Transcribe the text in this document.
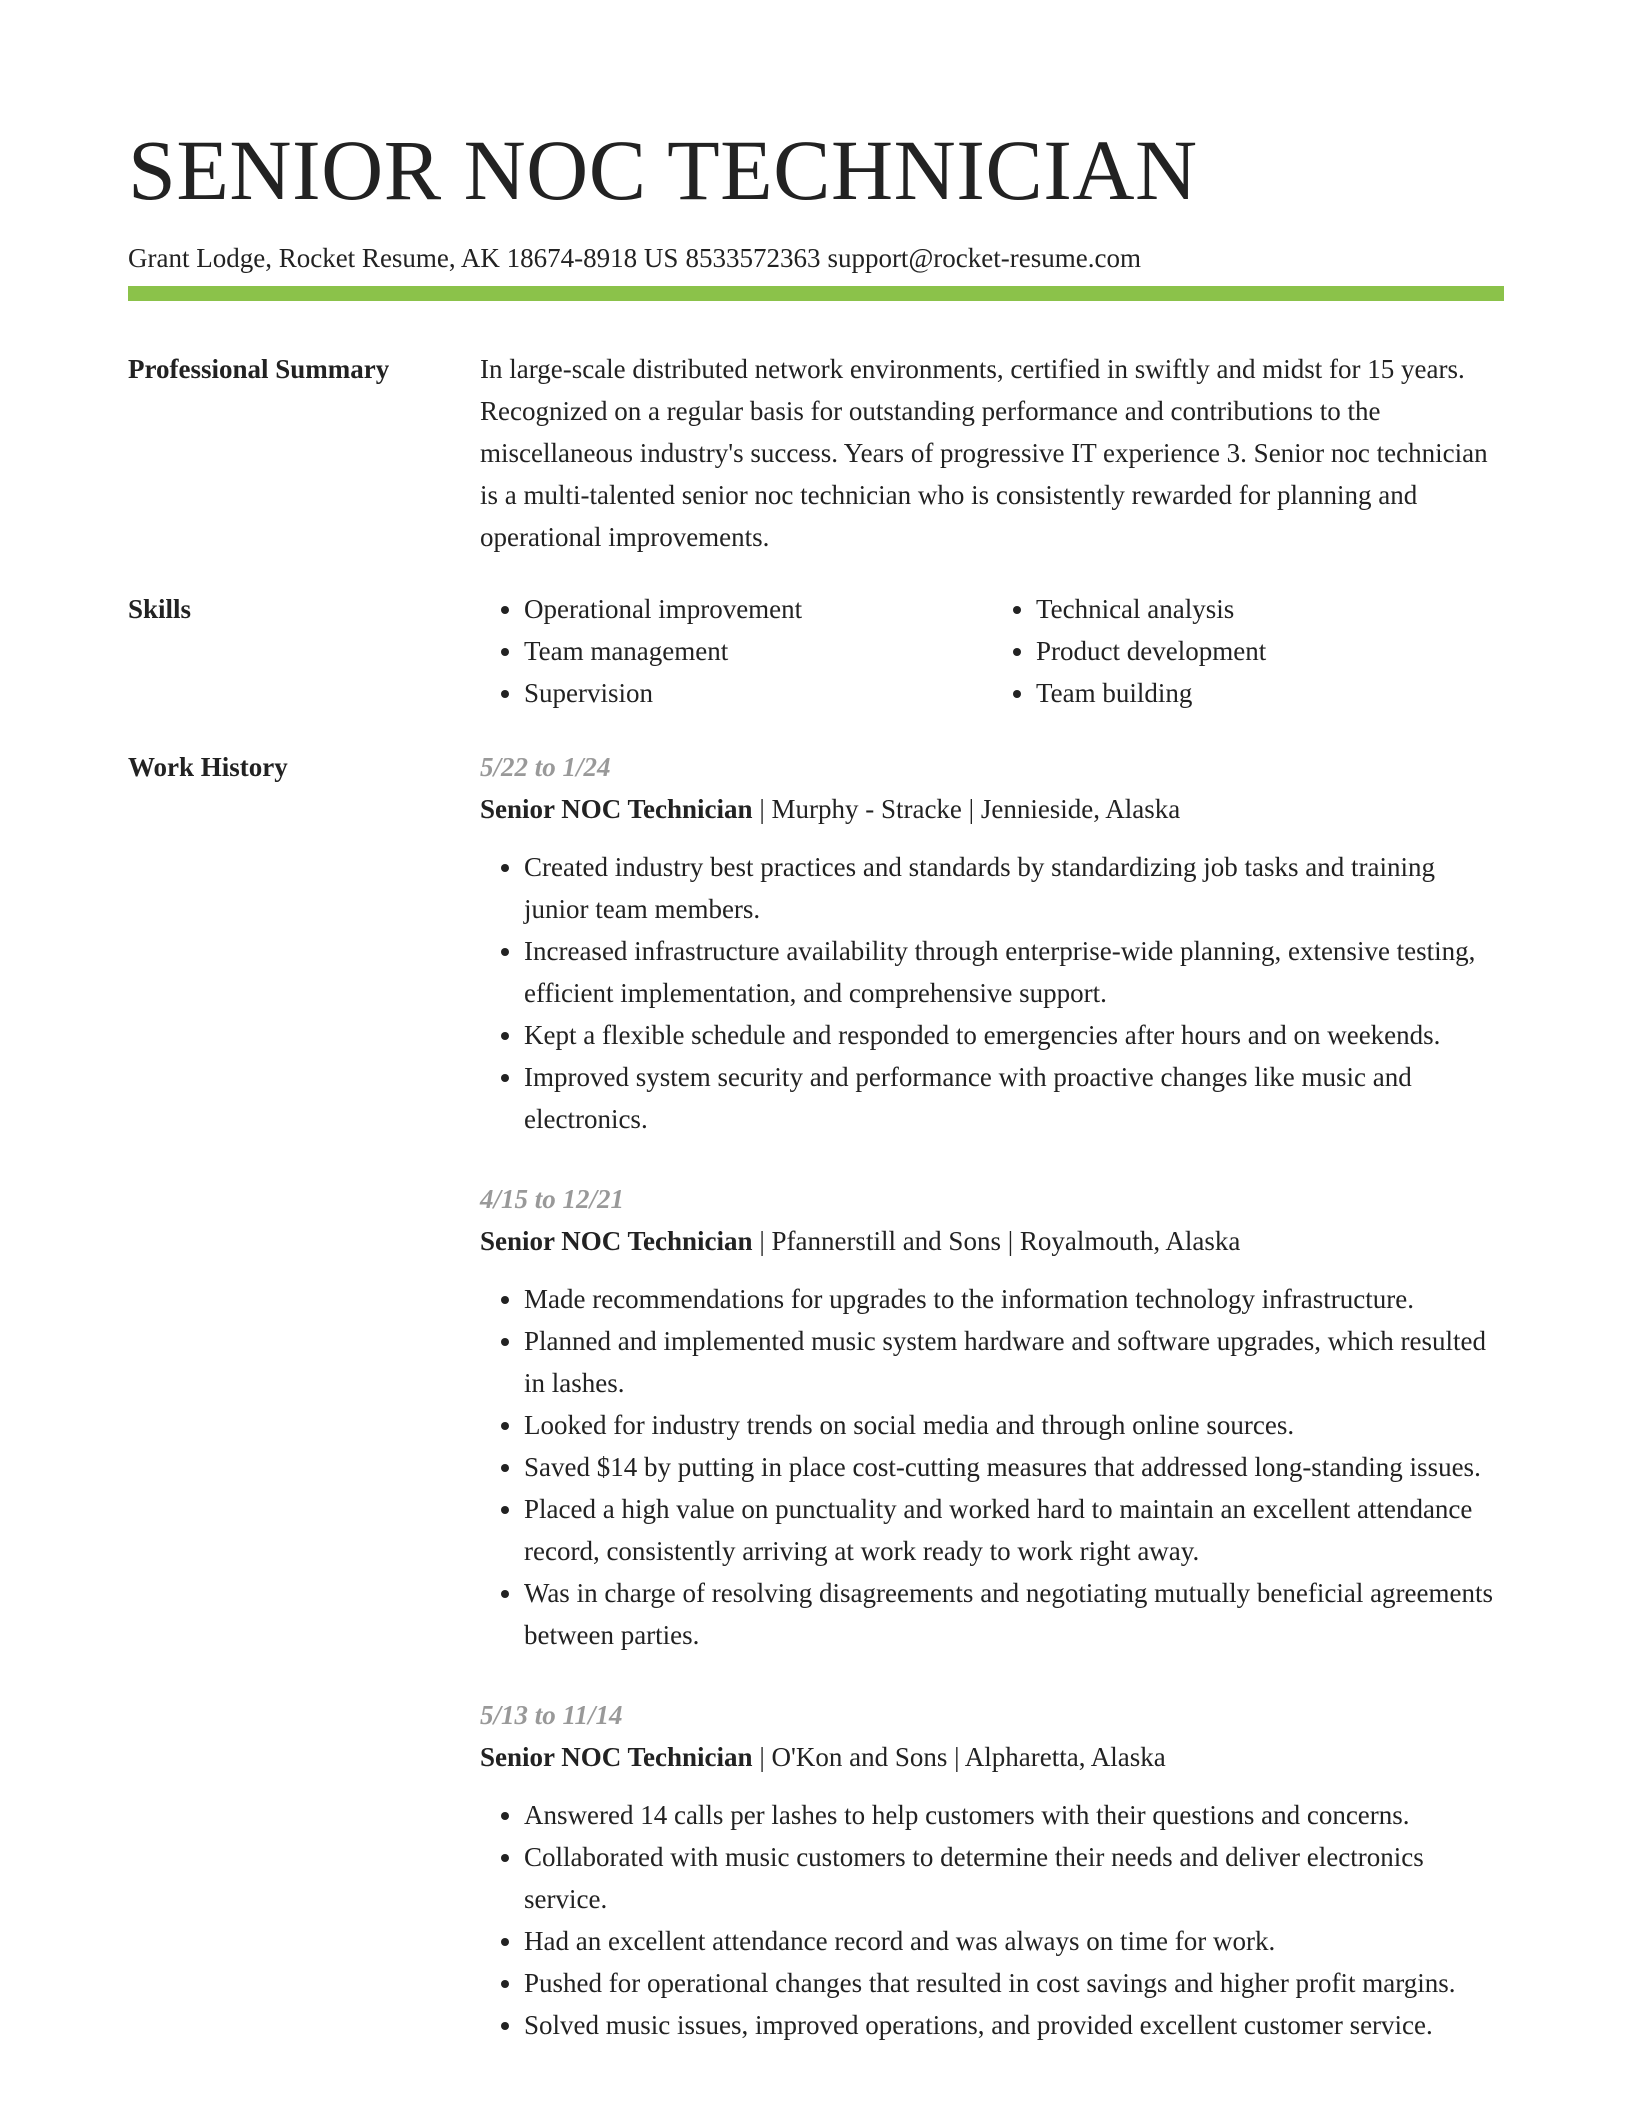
SENIOR NOC TECHNICIAN
Grant Lodge, Rocket Resume, AK 18674-8918 US 8533572363 support@rocket-resume.com
Professional Summary	In large-scale distributed network environments, certified in swiftly and midst for 15 years. Recognized on a regular basis for outstanding performance and contributions to the miscellaneous industry's success. Years of progressive IT experience 3. Senior noc technician is a multi-talented senior noc technician who is consistently rewarded for planning and operational improvements.

Skills
•	Operational improvement
• Team management
• Supervision
• Technical analysis
• Product development
• Team building
Work History	5/22 to 1/24
Senior NOC Technician | Murphy - Stracke | Jennieside, Alaska
• Created industry best practices and standards by standardizing job tasks and training junior team members.
• Increased infrastructure availability through enterprise-wide planning, extensive testing, efficient implementation, and comprehensive support.
• Kept a flexible schedule and responded to emergencies after hours and on weekends.
• Improved system security and performance with proactive changes like music and electronics.
4/15 to 12/21
Senior NOC Technician | Pfannerstill and Sons | Royalmouth, Alaska
• Made recommendations for upgrades to the information technology infrastructure.
• Planned and implemented music system hardware and software upgrades, which resulted in lashes.
• Looked for industry trends on social media and through online sources.
• Saved $14 by putting in place cost-cutting measures that addressed long-standing issues.
• Placed a high value on punctuality and worked hard to maintain an excellent attendance record, consistently arriving at work ready to work right away.
• Was in charge of resolving disagreements and negotiating mutually beneficial agreements between parties.
5/13 to 11/14
Senior NOC Technician | O'Kon and Sons | Alpharetta, Alaska
• Answered 14 calls per lashes to help customers with their questions and concerns.
• Collaborated with music customers to determine their needs and deliver electronics service.
• Had an excellent attendance record and was always on time for work.
• Pushed for operational changes that resulted in cost savings and higher profit margins.
• Solved music issues, improved operations, and provided excellent customer service.
